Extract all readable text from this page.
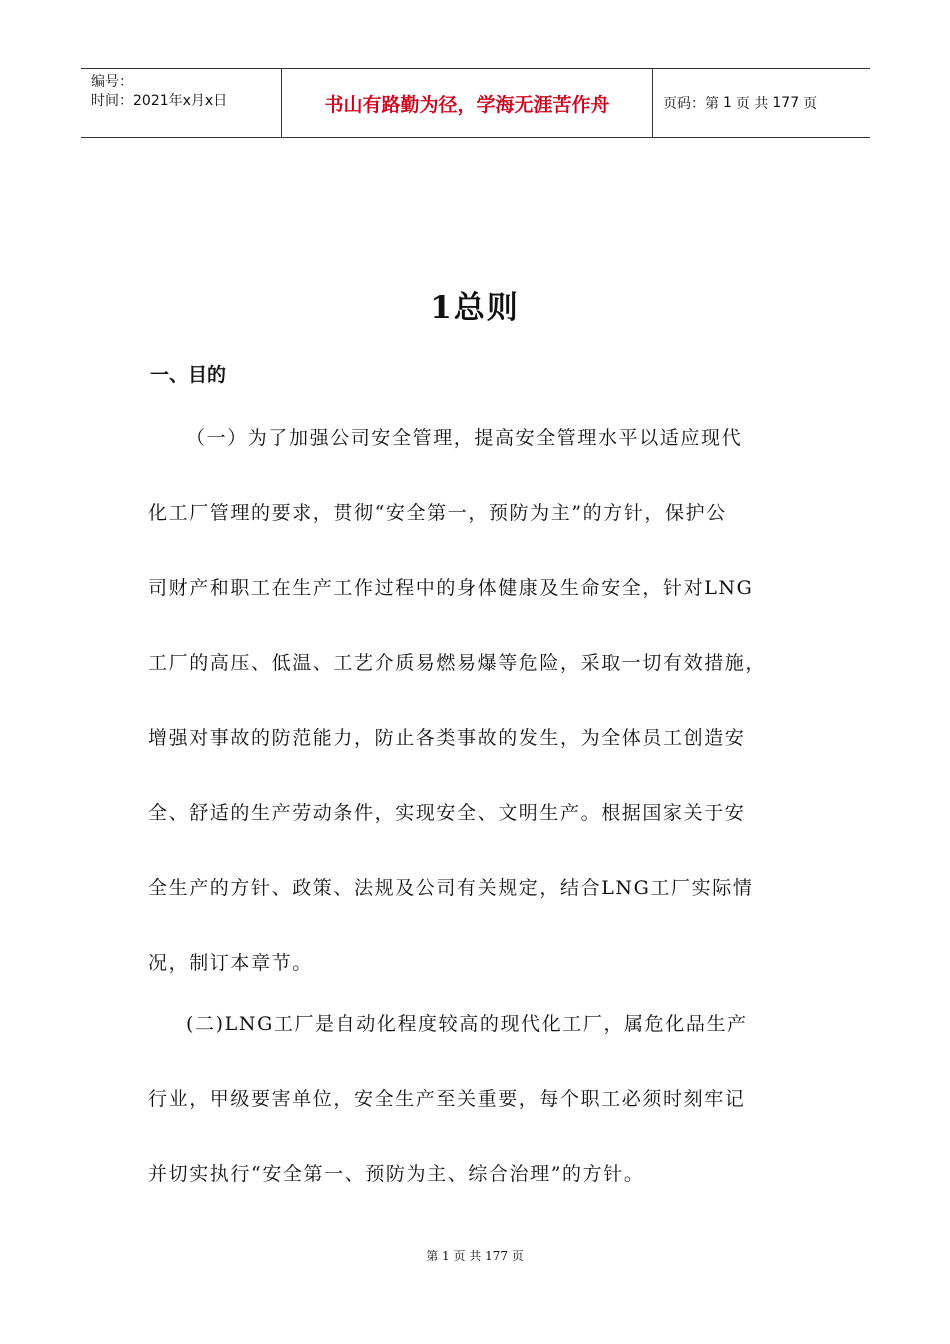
编号：
时间：2021年x月x日	书山有路勤为径，学海无涯苦作舟	页码：第 1 页 共 177 页
1总则
一、目的

（一）为了加强公司安全管理，提高安全管理水平以适应现代

化工厂管理的要求，贯彻“安全第一，预防为主”的方针，保护公

司财产和职工在生产工作过程中的身体健康及生命安全，针对LNG

工厂的高压、低温、工艺介质易燃易爆等危险，采取一切有效措施，

增强对事故的防范能力，防止各类事故的发生，为全体员工创造安

全、舒适的生产劳动条件，实现安全、文明生产。根据国家关于安

全生产的方针、政策、法规及公司有关规定，结合LNG工厂实际情

况，制订本章节。

(二)LNG工厂是自动化程度较高的现代化工厂，属危化品生产

行业，甲级要害单位，安全生产至关重要，每个职工必须时刻牢记

并切实执行“安全第一、预防为主、综合治理”的方针。

第 1 页 共 177 页
